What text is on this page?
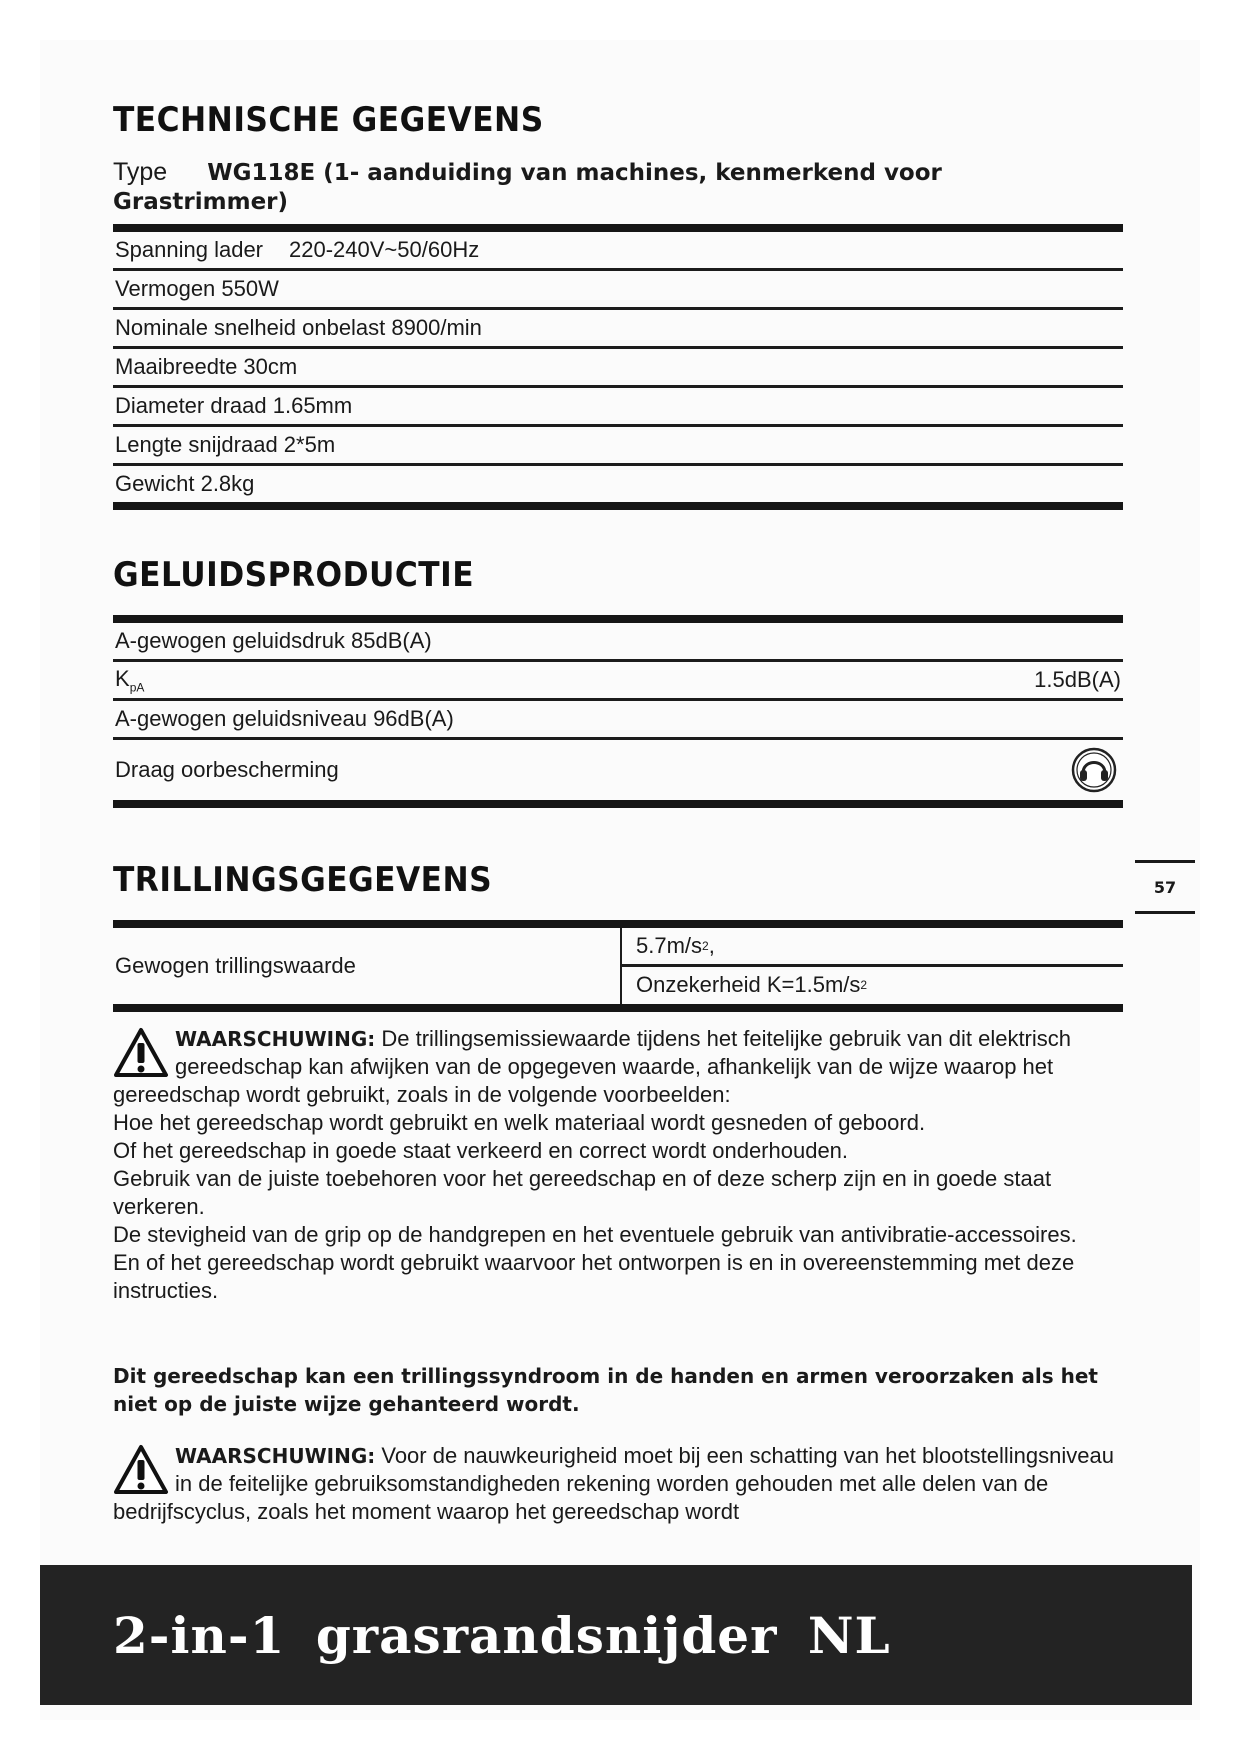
TECHNISCHE GEGEVENS
Type WG118E (1- aanduiding van machines, kenmerkend voor Grastrimmer)
Spanning lader 220-240V~50/60Hz
Vermogen 550W
Nominale snelheid onbelast 8900/min
Maaibreedte 30cm
Diameter draad 1.65mm
Lengte snijdraad 2*5m
Gewicht 2.8kg
GELUIDSPRODUCTIE
A-gewogen geluidsdruk 85dB(A)
$K_{pA}$	1.5dB(A)
A-gewogen geluidsniveau 96dB(A)
Draag oorbescherming
57
TRILLINGSGEGEVENS
Gewogen trillingswaarde
5.7m/s 2 ,
Onzekerheid K=1.5m/s 2

WAARSCHUWING: De trillingsemissiewaarde tijdens het feitelijke gebruik van dit elektrisch gereedschap kan afwijken van de opgegeven waarde, afhankelijk van de wijze waarop het gereedschap wordt gebruikt, zoals in de volgende voorbeelden:

Hoe het gereedschap wordt gebruikt en welk materiaal wordt gesneden of geboord.

Of het gereedschap in goede staat verkeerd en correct wordt onderhouden.

Gebruik van de juiste toebehoren voor het gereedschap en of deze scherp zijn en in goede staat verkeren.

De stevigheid van de grip op de handgrepen en het eventuele gebruik van antivibratie-accessoires.

En of het gereedschap wordt gebruikt waarvoor het ontworpen is en in overeenstemming met deze instructies.

Dit gereedschap kan een trillingssyndroom in de handen en armen veroorzaken als het niet op de juiste wijze gehanteerd wordt.

WAARSCHUWING: Voor de nauwkeurigheid moet bij een schatting van het blootstellingsniveau in de feitelijke gebruiksomstandigheden rekening worden gehouden met alle delen van de bedrijfscyclus, zoals het moment waarop het gereedschap wordt

2-in-1 grasrandsnijder NL
